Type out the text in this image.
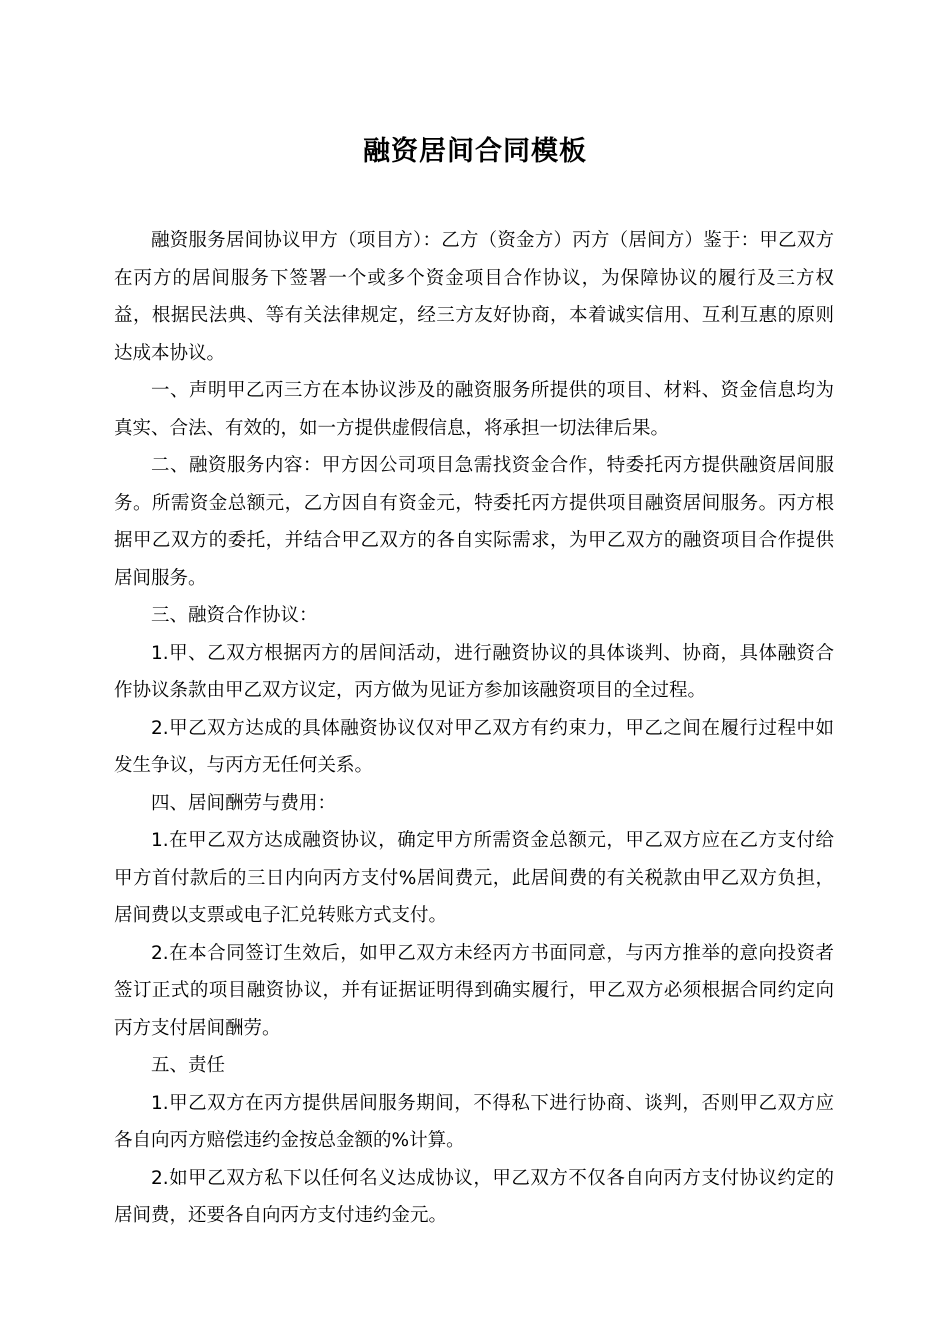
融资居间合同模板

融资服务居间协议甲方（项目方）：乙方（资金方）丙方（居间方）鉴于：甲乙双方在丙方的居间服务下签署一个或多个资金项目合作协议，为保障协议的履行及三方权益，根据民法典、等有关法律规定，经三方友好协商，本着诚实信用、互利互惠的原则达成本协议。

一、声明甲乙丙三方在本协议涉及的融资服务所提供的项目、材料、资金信息均为真实、合法、有效的，如一方提供虚假信息，将承担一切法律后果。

二、融资服务内容：甲方因公司项目急需找资金合作，特委托丙方提供融资居间服务。所需资金总额元，乙方因自有资金元，特委托丙方提供项目融资居间服务。丙方根据甲乙双方的委托，并结合甲乙双方的各自实际需求，为甲乙双方的融资项目合作提供居间服务。

三、融资合作协议：

1.甲、乙双方根据丙方的居间活动，进行融资协议的具体谈判、协商，具体融资合作协议条款由甲乙双方议定，丙方做为见证方参加该融资项目的全过程。

2.甲乙双方达成的具体融资协议仅对甲乙双方有约束力，甲乙之间在履行过程中如发生争议，与丙方无任何关系。

四、居间酬劳与费用：

1.在甲乙双方达成融资协议，确定甲方所需资金总额元，甲乙双方应在乙方支付给甲方首付款后的三日内向丙方支付%居间费元，此居间费的有关税款由甲乙双方负担，居间费以支票或电子汇兑转账方式支付。

2.在本合同签订生效后，如甲乙双方未经丙方书面同意，与丙方推举的意向投资者签订正式的项目融资协议，并有证据证明得到确实履行，甲乙双方必须根据合同约定向丙方支付居间酬劳。

五、责任

1.甲乙双方在丙方提供居间服务期间，不得私下进行协商、谈判，否则甲乙双方应各自向丙方赔偿违约金按总金额的%计算。

2.如甲乙双方私下以任何名义达成协议，甲乙双方不仅各自向丙方支付协议约定的居间费，还要各自向丙方支付违约金元。
